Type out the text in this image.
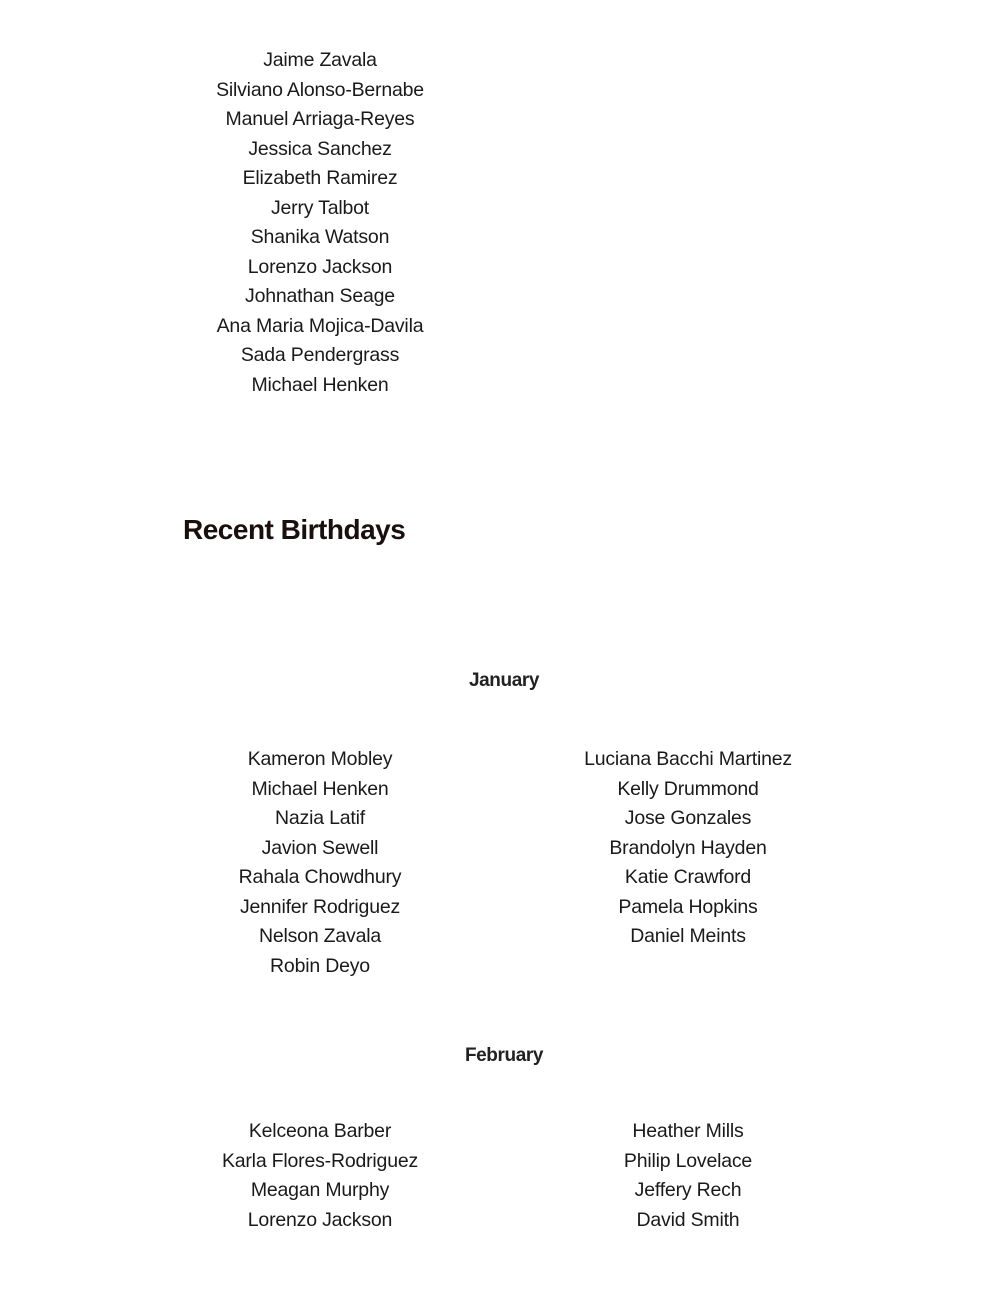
Jaime Zavala
Silviano Alonso-Bernabe
Manuel Arriaga-Reyes
Jessica Sanchez
Elizabeth Ramirez
Jerry Talbot
Shanika Watson
Lorenzo Jackson
Johnathan Seage
Ana Maria Mojica-Davila
Sada Pendergrass
Michael Henken
Recent Birthdays
January
Kameron Mobley
Michael Henken
Nazia Latif
Javion Sewell
Rahala Chowdhury
Jennifer Rodriguez
Nelson Zavala
Robin Deyo
Luciana Bacchi Martinez
Kelly Drummond
Jose Gonzales
Brandolyn Hayden
Katie Crawford
Pamela Hopkins
Daniel Meints
February
Kelceona Barber
Karla Flores-Rodriguez
Meagan Murphy
Lorenzo Jackson
Heather Mills
Philip Lovelace
Jeffery Rech
David Smith
